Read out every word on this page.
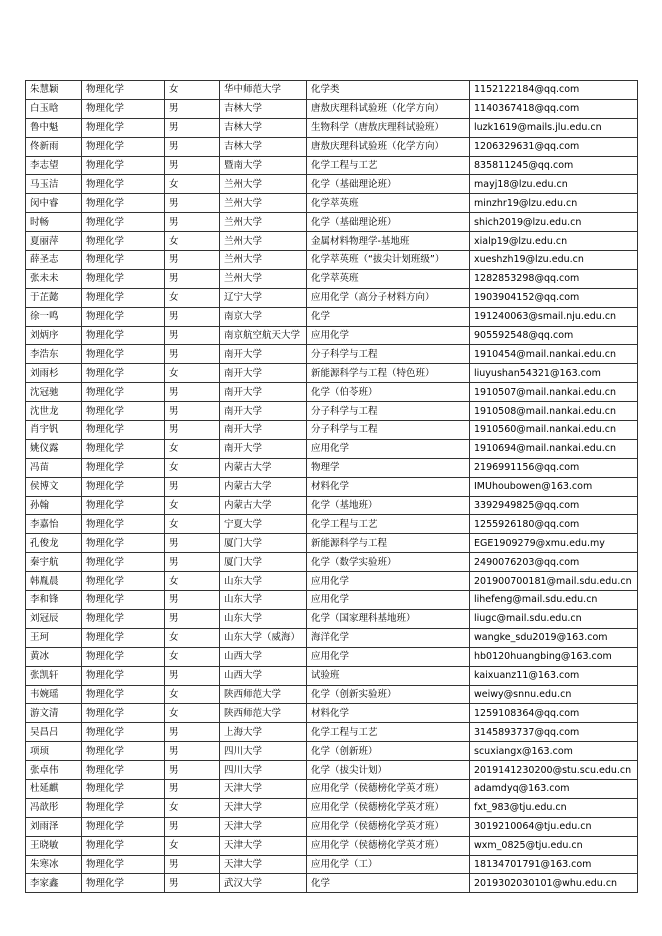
朱慧颖	物理化学	女	华中师范大学	化学类	1152122184@qq.com
白玉晗	物理化学	男	吉林大学	唐敖庆理科试验班（化学方向）	1140367418@qq.com
鲁中魁	物理化学	男	吉林大学	生物科学（唐敖庆理科试验班）	luzk1619@mails.jlu.edu.cn
佟新雨	物理化学	男	吉林大学	唐敖庆理科试验班（化学方向）	1206329631@qq.com
李志望	物理化学	男	暨南大学	化学工程与工艺	835811245@qq.com
马玉洁	物理化学	女	兰州大学	化学（基础理论班）	mayj18@lzu.edu.cn
闵中睿	物理化学	男	兰州大学	化学萃英班	minzhr19@lzu.edu.cn
时畅	物理化学	男	兰州大学	化学（基础理论班）	shich2019@lzu.edu.cn
夏丽萍	物理化学	女	兰州大学	金属材料物理学-基地班	xialp19@lzu.edu.cn
薛圣志	物理化学	男	兰州大学	化学萃英班（“拔尖计划班级”）	xueshzh19@lzu.edu.cn
张未未	物理化学	男	兰州大学	化学萃英班	1282853298@qq.com
于芷懿	物理化学	女	辽宁大学	应用化学（高分子材料方向）	1903904152@qq.com
徐一鸣	物理化学	男	南京大学	化学	191240063@smail.nju.edu.cn
刘炳序	物理化学	男	南京航空航天大学	应用化学	905592548@qq.com
李浩东	物理化学	男	南开大学	分子科学与工程	1910454@mail.nankai.edu.cn
刘雨杉	物理化学	女	南开大学	新能源科学与工程（特色班）	liuyushan54321@163.com
沈冠驰	物理化学	男	南开大学	化学（伯苓班）	1910507@mail.nankai.edu.cn
沈世龙	物理化学	男	南开大学	分子科学与工程	1910508@mail.nankai.edu.cn
肖宇钒	物理化学	男	南开大学	分子科学与工程	1910560@mail.nankai.edu.cn
姚仪露	物理化学	女	南开大学	应用化学	1910694@mail.nankai.edu.cn
冯苗	物理化学	女	内蒙古大学	物理学	2196991156@qq.com
侯博文	物理化学	男	内蒙古大学	材料化学	IMUhoubowen@163.com
孙翰	物理化学	女	内蒙古大学	化学（基地班）	3392949825@qq.com
李嘉怡	物理化学	女	宁夏大学	化学工程与工艺	1255926180@qq.com
孔俊龙	物理化学	男	厦门大学	新能源科学与工程	EGE1909279@xmu.edu.my
秦宇航	物理化学	男	厦门大学	化学（数学实验班）	2490076203@qq.com
韩胤晨	物理化学	女	山东大学	应用化学	201900700181@mail.sdu.edu.cn
李和锋	物理化学	男	山东大学	应用化学	lihefeng@mail.sdu.edu.cn
刘冠辰	物理化学	男	山东大学	化学（国家理科基地班）	liugc@mail.sdu.edu.cn
王珂	物理化学	女	山东大学（威海）	海洋化学	wangke_sdu2019@163.com
黄冰	物理化学	女	山西大学	应用化学	hb0120huangbing@163.com
张凯轩	物理化学	男	山西大学	试验班	kaixuanz11@163.com
韦婉瑶	物理化学	女	陕西师范大学	化学（创新实验班）	weiwy@snnu.edu.cn
游文清	物理化学	女	陕西师范大学	材料化学	1259108364@qq.com
吴昌吕	物理化学	男	上海大学	化学工程与工艺	3145893737@qq.com
项顼	物理化学	男	四川大学	化学（创新班）	scuxiangx@163.com
张卓伟	物理化学	男	四川大学	化学（拔尖计划）	2019141230200@stu.scu.edu.cn
杜延麒	物理化学	男	天津大学	应用化学（侯德榜化学英才班）	adamdyq@163.com
冯歆彤	物理化学	女	天津大学	应用化学（侯德榜化学英才班）	fxt_983@tju.edu.cn
刘雨泽	物理化学	男	天津大学	应用化学（侯德榜化学英才班）	3019210064@tju.edu.cn
王晓敏	物理化学	女	天津大学	应用化学（侯德榜化学英才班）	wxm_0825@tju.edu.cn
朱寒冰	物理化学	男	天津大学	应用化学（工）	18134701791@163.com
李家鑫	物理化学	男	武汉大学	化学	2019302030101@whu.edu.cn
